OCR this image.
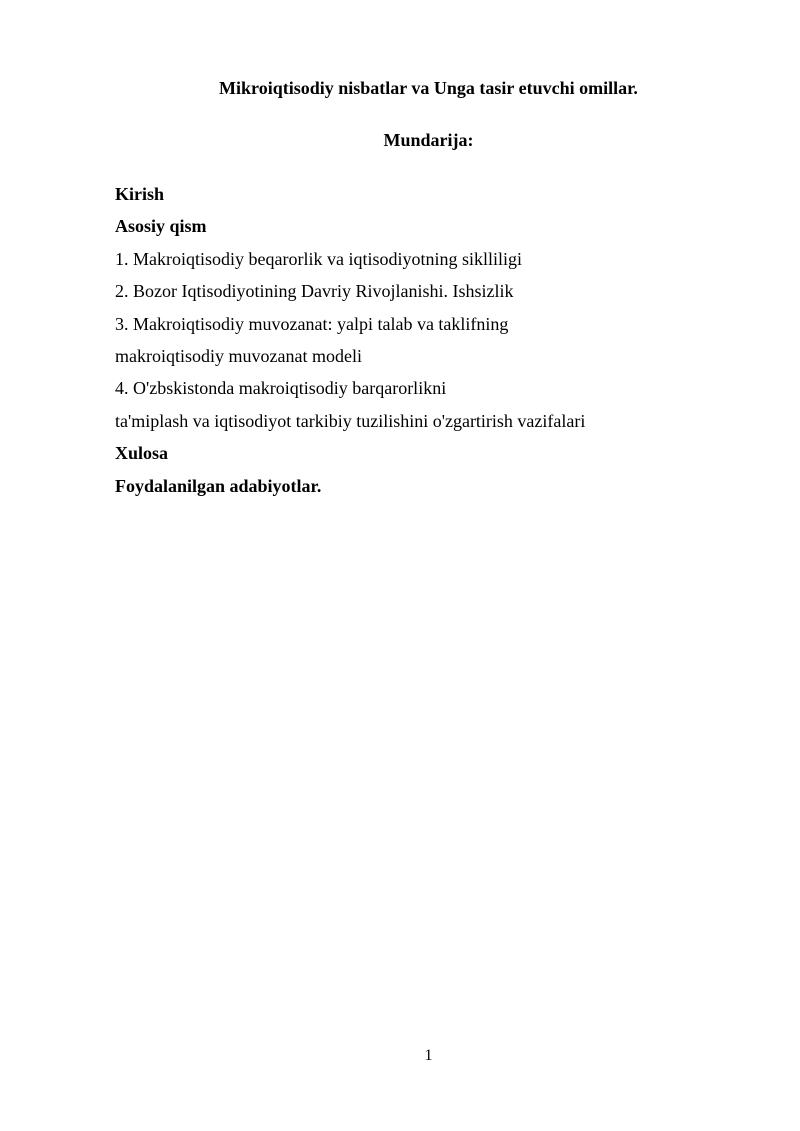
Mikroiqtisodiy nisbatlar va Unga tasir etuvchi omillar.
Mundarija:
Kirish
Asosiy qism
1. Makroiqtisodiy beqarorlik va iqtisodiyotning siklliligi
2. Bozor Iqtisodiyotining Davriy Rivojlanishi. Ishsizlik
3. Makroiqtisodiy muvozanat: yalpi talab va taklifning
makroiqtisodiy muvozanat modeli
4. O'zbskistonda makroiqtisodiy barqarorlikni
ta'miplash va iqtisodiyot tarkibiy tuzilishini o'zgartirish vazifalari
Xulosa
Foydalanilgan adabiyotlar.
1
